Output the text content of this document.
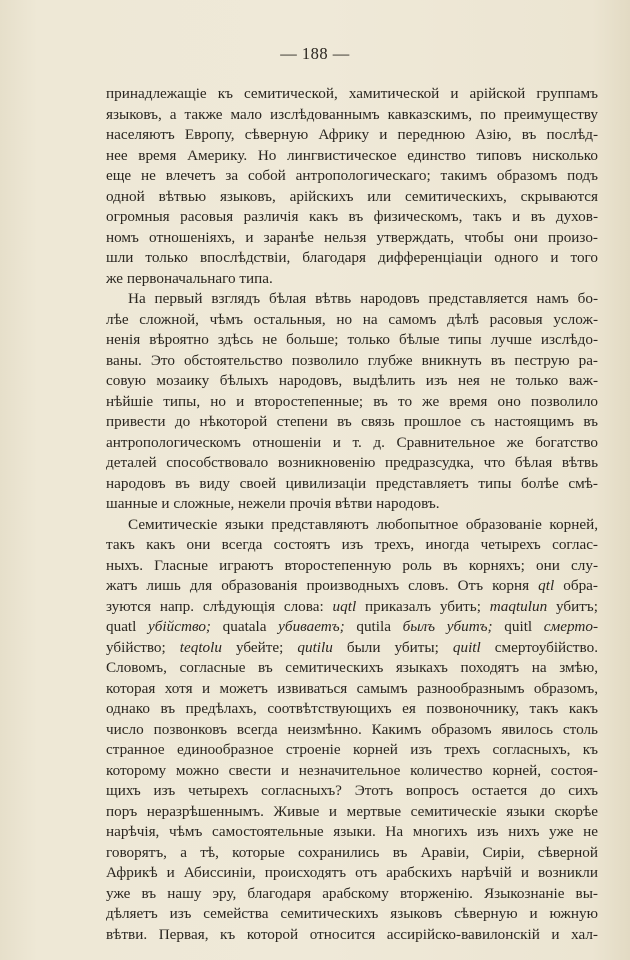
— 188 —
принадлежащіе къ семитической, хамитической и арійской группамъ
языковъ, а также мало изслѣдованнымъ кавказскимъ, по преимуществу
населяютъ Европу, сѣверную Африку и переднюю Азію, въ послѣд-
нее время Америку. Но лингвистическое единство типовъ нисколько
еще не влечетъ за собой антропологическаго; такимъ образомъ подъ
одной вѣтвью языковъ, арійскихъ или семитическихъ, скрываются
огромныя расовыя различія какъ въ физическомъ, такъ и въ духов-
номъ отношеніяхъ, и заранѣе нельзя утверждать, чтобы они произо-
шли только впослѣдствіи, благодаря дифференціаціи одного и того
же первоначальнаго типа.
На первый взглядъ бѣлая вѣтвь народовъ представляется намъ бо-
лѣе сложной, чѣмъ остальныя, но на самомъ дѣлѣ расовыя услож-
ненія вѣроятно здѣсь не больше; только бѣлые типы лучше изслѣдо-
ваны. Это обстоятельство позволило глубже вникнуть въ пеструю ра-
совую мозаику бѣлыхъ народовъ, выдѣлить изъ нея не только важ-
нѣйшіе типы, но и второстепенные; въ то же время оно позволило
привести до нѣкоторой степени въ связь прошлое съ настоящимъ въ
антропологическомъ отношеніи и т. д. Сравнительное же богатство
деталей способствовало возникновенію предразсудка, что бѣлая вѣтвь
народовъ въ виду своей цивилизаціи представляетъ типы болѣе смѣ-
шанные и сложные, нежели прочія вѣтви народовъ.
Семитическіе языки представляютъ любопытное образованіе корней,
такъ какъ они всегда состоятъ изъ трехъ, иногда четырехъ соглас-
ныхъ. Гласные играютъ второстепенную роль въ корняхъ; они слу-
жатъ лишь для образованія производныхъ словъ. Отъ корня qtl обра-
зуются напр. слѣдующія слова: uqtl приказалъ убить; maqtulun убитъ;
quatl убійство; quatala убиваетъ; qutila былъ убитъ; quitl смерто-
убійство; teqtolu убейте; qutilu были убиты; quitl смертоубійство.
Словомъ, согласные въ семитическихъ языкахъ походятъ на змѣю,
которая хотя и можетъ извиваться самымъ разнообразнымъ образомъ,
однако въ предѣлахъ, соотвѣтствующихъ ея позвоночнику, такъ какъ
число позвонковъ всегда неизмѣнно. Какимъ образомъ явилось столь
странное единообразное строеніе корней изъ трехъ согласныхъ, къ
которому можно свести и незначительное количество корней, состоя-
щихъ изъ четырехъ согласныхъ? Этотъ вопросъ остается до сихъ
поръ неразрѣшеннымъ. Живые и мертвые семитическіе языки скорѣе
нарѣчія, чѣмъ самостоятельные языки. На многихъ изъ нихъ уже не
говорятъ, а тѣ, которые сохранились въ Аравіи, Сиріи, сѣверной
Африкѣ и Абиссиніи, происходятъ отъ арабскихъ нарѣчій и возникли
уже въ нашу эру, благодаря арабскому вторженію. Языкознаніе вы-
дѣляетъ изъ семейства семитическихъ языковъ сѣверную и южную
вѣтви. Первая, къ которой относится ассирійско-вавилонскій и хал-
